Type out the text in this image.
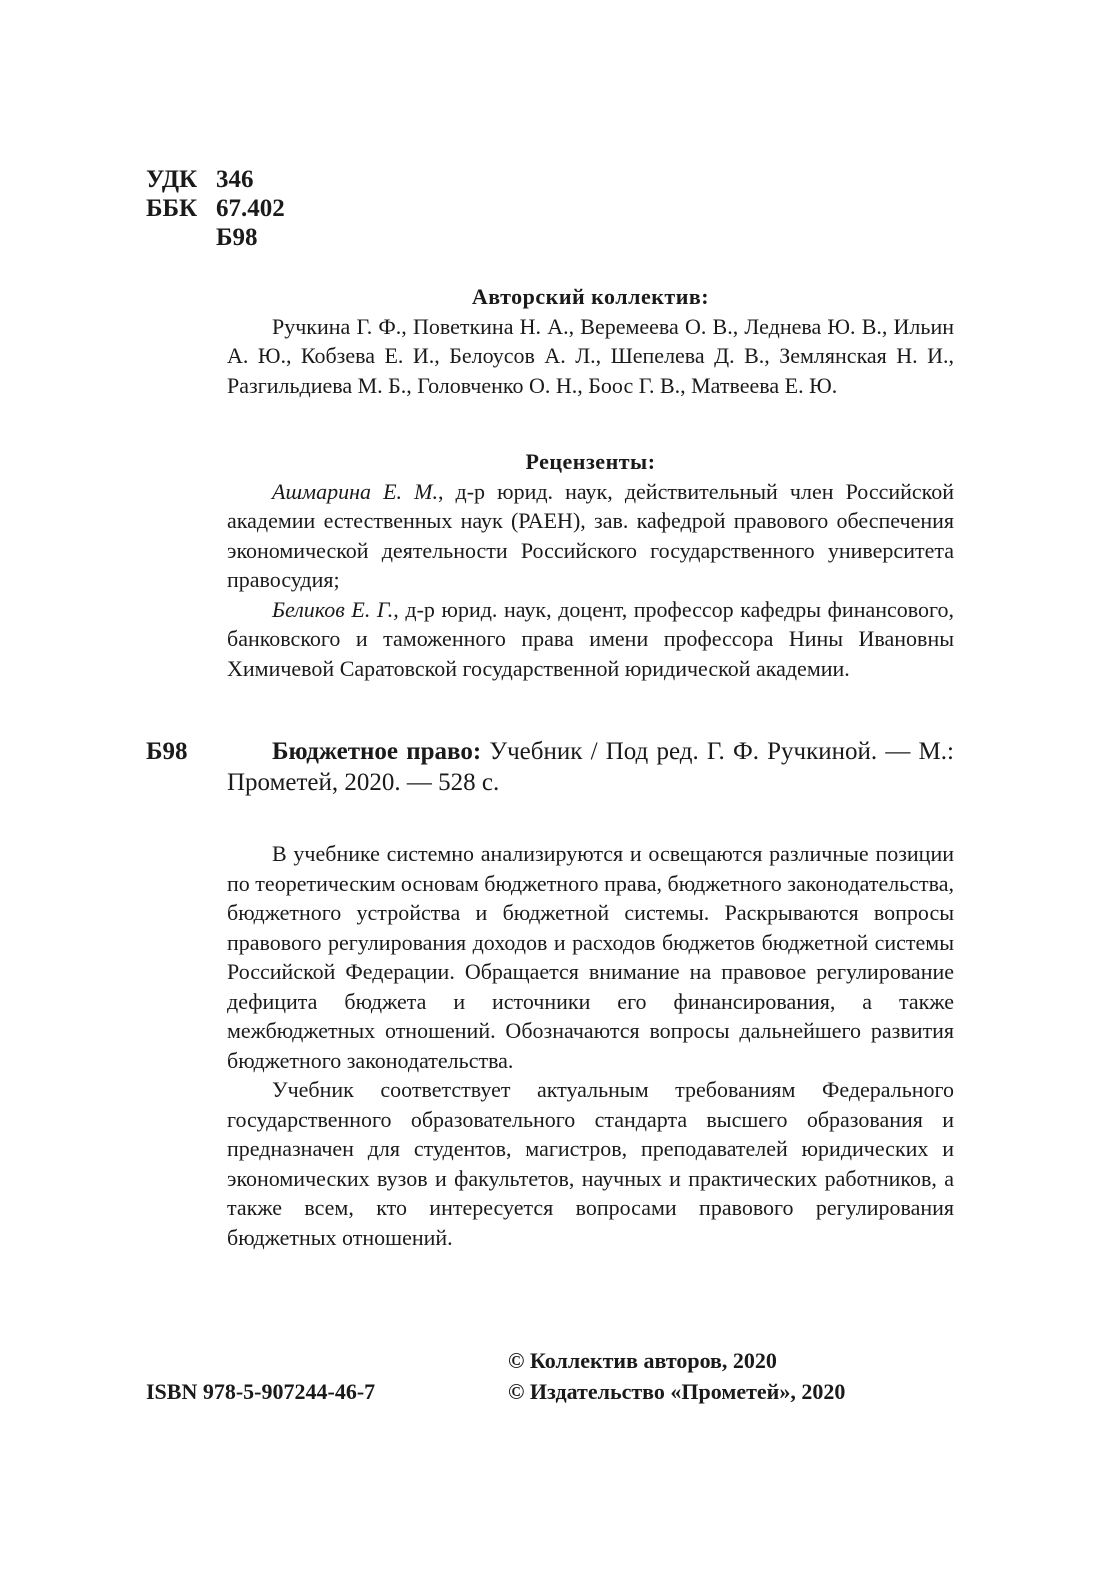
УДК 346
ББК 67.402
Б98
Авторский коллектив:
Ручкина Г. Ф., Поветкина Н. А., Веремеева О. В., Леднева Ю. В., Ильин А. Ю., Кобзева Е. И., Белоусов А. Л., Шепелева Д. В., Землянская Н. И., Разгильдиева М. Б., Головченко О. Н., Боос Г. В., Матвеева Е. Ю.
Рецензенты:
Ашмарина Е. М., д-р юрид. наук, действительный член Российской академии естественных наук (РАЕН), зав. кафедрой правового обеспечения экономической деятельности Российского государственного университета правосудия;
Беликов Е. Г., д-р юрид. наук, доцент, профессор кафедры финансового, банковского и таможенного права имени профессора Нины Ивановны Химичевой Саратовской государственной юридической академии.
Б98	Бюджетное право: Учебник / Под ред. Г. Ф. Ручкиной. — М.: Прометей, 2020. — 528 с.

В учебнике системно анализируются и освещаются различные позиции по теоретическим основам бюджетного права, бюджетного законодательства, бюджетного устройства и бюджетной системы. Раскрываются вопросы правового регулирования доходов и расходов бюджетов бюджетной системы Российской Федерации. Обращается внимание на правовое регулирование дефицита бюджета и источники его финансирования, а также межбюджетных отношений. Обозначаются вопросы дальнейшего развития бюджетного законодательства.

Учебник соответствует актуальным требованиям Федерального государственного образовательного стандарта высшего образования и предназначен для студентов, магистров, преподавателей юридических и экономических вузов и факультетов, научных и практических работников, а также всем, кто интересуется вопросами правового регулирования бюджетных отношений.

© Коллектив авторов, 2020
ISBN 978-5-907244-46-7	© Издательство «Прометей», 2020
